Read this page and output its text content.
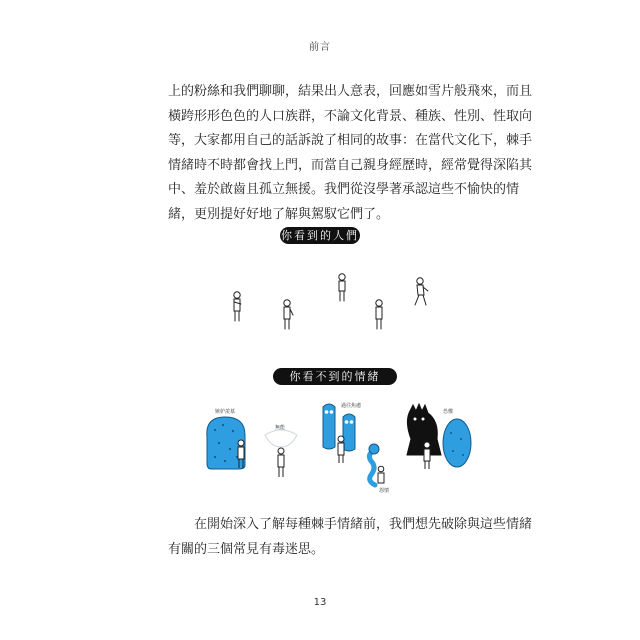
前言
上的粉絲和我們聊聊，結果出人意表，回應如雪片般飛來，而且
橫跨形形色色的人口族群，不論文化背景、種族、性別、性取向
等，大家都用自己的話訴說了相同的故事：在當代文化下，棘手
情緒時不時都會找上門，而當自己親身經歷時，經常覺得深陷其
中、羞於啟齒且孤立無援。我們從沒學著承認這些不愉快的情
緒，更別提好好地了解與駕馭它們了。
你看到的人們
你看不到的情緒
嫉妒羨慕
無能
過往焦慮
怨憤
恐懼
在開始深入了解每種棘手情緒前，我們想先破除與這些情緒
有關的三個常見有毒迷思。
13
